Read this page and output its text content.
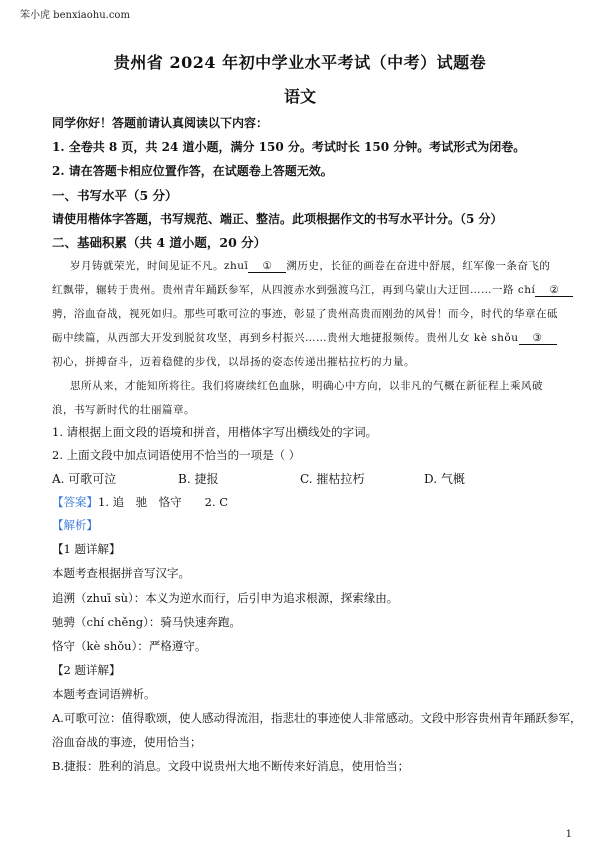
笨小虎 benxiaohu.com
贵州省 2024 年初中学业水平考试（中考）试题卷
语文
同学你好！答题前请认真阅读以下内容：
1. 全卷共 8 页，共 24 道小题，满分 150 分。考试时长 150 分钟。考试形式为闭卷。
2. 请在答题卡相应位置作答，在试题卷上答题无效。
一、书写水平（5 分）
请使用楷体字答题，书写规范、端正、整洁。此项根据作文的书写水平计分。（5 分）
二、基础积累（共 4 道小题，20 分）
岁月铸就荣光，时间见证不凡。zhuī ① 溯历史，长征的画卷在奋进中舒展，红军像一条奋飞的
红飘带，辗转于贵州。贵州青年踊跃参军，从四渡赤水到强渡乌江，再到乌蒙山大迂回……一路 chí ②
骋，浴血奋战，视死如归。那些可歌可泣的事迹，彰显了贵州高贵而刚劲的风骨！而今，时代的华章在砥
砺中续篇，从西部大开发到脱贫攻坚，再到乡村振兴……贵州大地捷报频传。贵州儿女 kè shǒu ③
初心，拼搏奋斗，迈着稳健的步伐，以昂扬的姿态传递出摧枯拉朽的力量。
思所从来，才能知所将往。我们将赓续红色血脉，明确心中方向，以非凡的气概在新征程上乘风破
浪，书写新时代的壮丽篇章。
1. 请根据上面文段的语境和拼音，用楷体字写出横线处的字词。
2. 上面文段中加点词语使用不恰当的一项是（ ）
A. 可歌可泣	B. 捷报	C. 摧枯拉朽	D. 气概
【答案】1. 追　驰　恪守　　2. C
【解析】
【1 题详解】
本题考查根据拼音写汉字。
追溯（zhuī sù）：本义为逆水而行，后引申为追求根源，探索缘由。
驰骋（chí chěng）：骑马快速奔跑。
恪守（kè shǒu）：严格遵守。
【2 题详解】
本题考查词语辨析。
A.可歌可泣：值得歌颂，使人感动得流泪，指悲壮的事迹使人非常感动。文段中形容贵州青年踊跃参军，
浴血奋战的事迹，使用恰当；
B.捷报：胜利的消息。文段中说贵州大地不断传来好消息，使用恰当；
1
